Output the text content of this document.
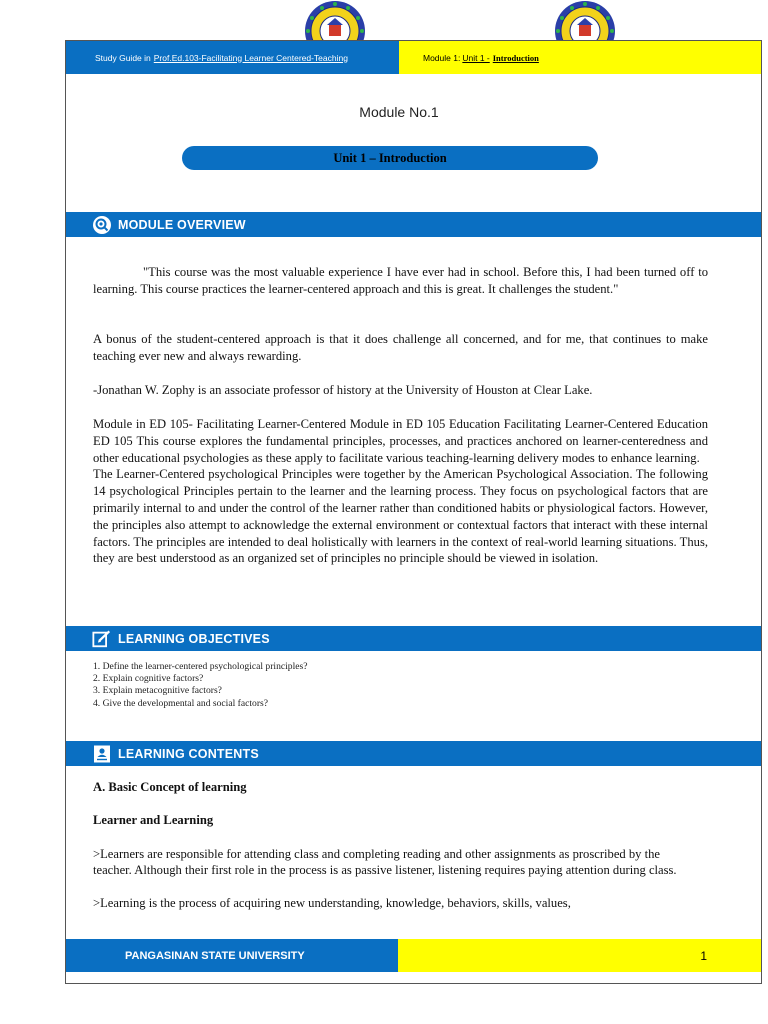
Study Guide in Prof.Ed.103-Facilitating Learner Centered-Teaching	Module 1: Unit 1 - Introduction
Module No.1
Unit 1 – Introduction
MODULE OVERVIEW

"This course was the most valuable experience I have ever had in school. Before this, I had been turned off to learning. This course practices the learner-centered approach and this is great. It challenges the student."

A bonus of the student-centered approach is that it does challenge all concerned, and for me, that continues to make teaching ever new and always rewarding.

-Jonathan W. Zophy is an associate professor of history at the University of Houston at Clear Lake.

Module in ED 105- Facilitating Learner-Centered Module in ED 105 Education Facilitating Learner-Centered Education ED 105 This course explores the fundamental principles, processes, and practices anchored on learner-centeredness and other educational psychologies as these apply to facilitate various teaching-learning delivery modes to enhance learning.

The Learner-Centered psychological Principles were together by the American Psychological Association. The following 14 psychological Principles pertain to the learner and the learning process. They focus on psychological factors that are primarily internal to and under the control of the learner rather than conditioned habits or physiological factors. However, the principles also attempt to acknowledge the external environment or contextual factors that interact with these internal factors. The principles are intended to deal holistically with learners in the context of real-world learning situations. Thus, they are best understood as an organized set of principles no principle should be viewed in isolation.

LEARNING OBJECTIVES
1. Define the learner-centered psychological principles?
2. Explain cognitive factors?
3. Explain metacognitive factors?
4. Give the developmental and social factors?
LEARNING CONTENTS

A. Basic Concept of learning

Learner and Learning

>Learners are responsible for attending class and completing reading and other assignments as proscribed by the teacher. Although their first role in the process is as passive listener, listening requires paying attention during class.

>Learning is the process of acquiring new understanding, knowledge, behaviors, skills, values,

PANGASINAN STATE UNIVERSITY	1
